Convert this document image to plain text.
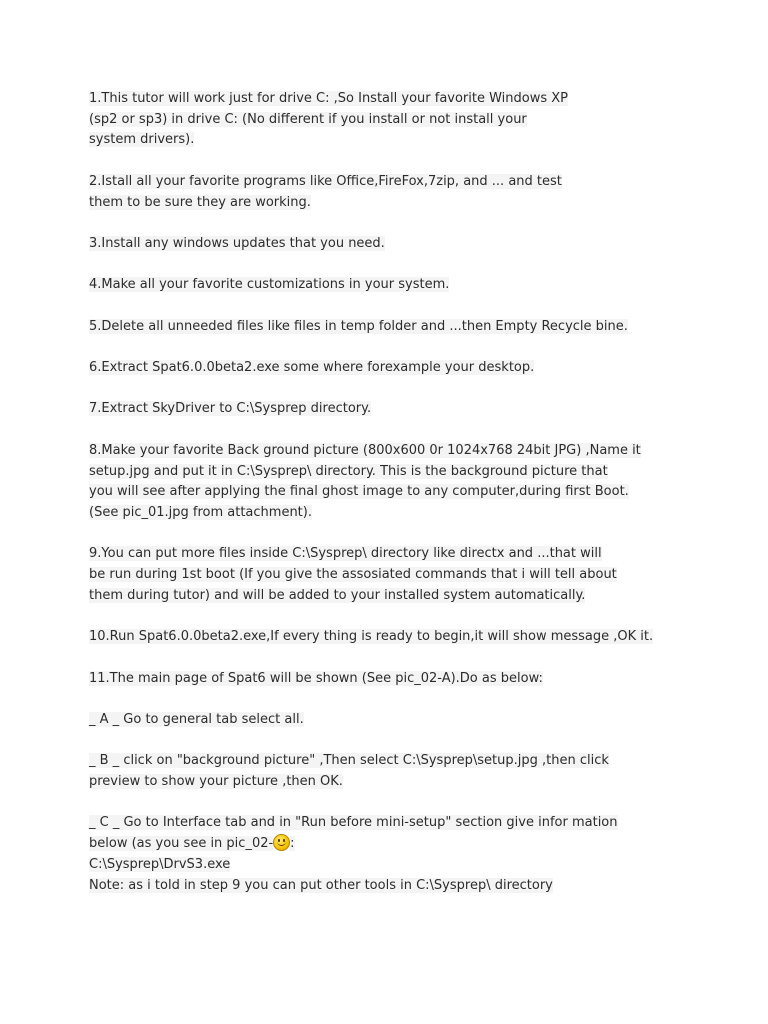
1.This tutor will work just for drive C: ,So Install your favorite Windows XP
(sp2 or sp3) in drive C: (No different if you install or not install your
system drivers).
2.Istall all your favorite programs like Office,FireFox,7zip, and ... and test
them to be sure they are working.
3.Install any windows updates that you need.
4.Make all your favorite customizations in your system.
5.Delete all unneeded files like files in temp folder and ...then Empty Recycle bine.
6.Extract Spat6.0.0beta2.exe some where forexample your desktop.
7.Extract SkyDriver to C:\Sysprep directory.
8.Make your favorite Back ground picture (800x600 0r 1024x768 24bit JPG) ,Name it
setup.jpg and put it in C:\Sysprep\ directory. This is the background picture that
you will see after applying the final ghost image to any computer,during first Boot.
(See pic_01.jpg from attachment).
9.You can put more files inside C:\Sysprep\ directory like directx and ...that will
be run during 1st boot (If you give the assosiated commands that i will tell about
them during tutor) and will be added to your installed system automatically.
10.Run Spat6.0.0beta2.exe,If every thing is ready to begin,it will show message ,OK it.
11.The main page of Spat6 will be shown (See pic_02-A).Do as below:
_ A _ Go to general tab select all.
_ B _ click on "background picture" ,Then select C:\Sysprep\setup.jpg ,then click
preview to show your picture ,then OK.
_ C _ Go to Interface tab and in "Run before mini-setup" section give infor mation
below (as you see in pic_02- :
C:\Sysprep\DrvS3.exe
Note: as i told in step 9 you can put other tools in C:\Sysprep\ directory
